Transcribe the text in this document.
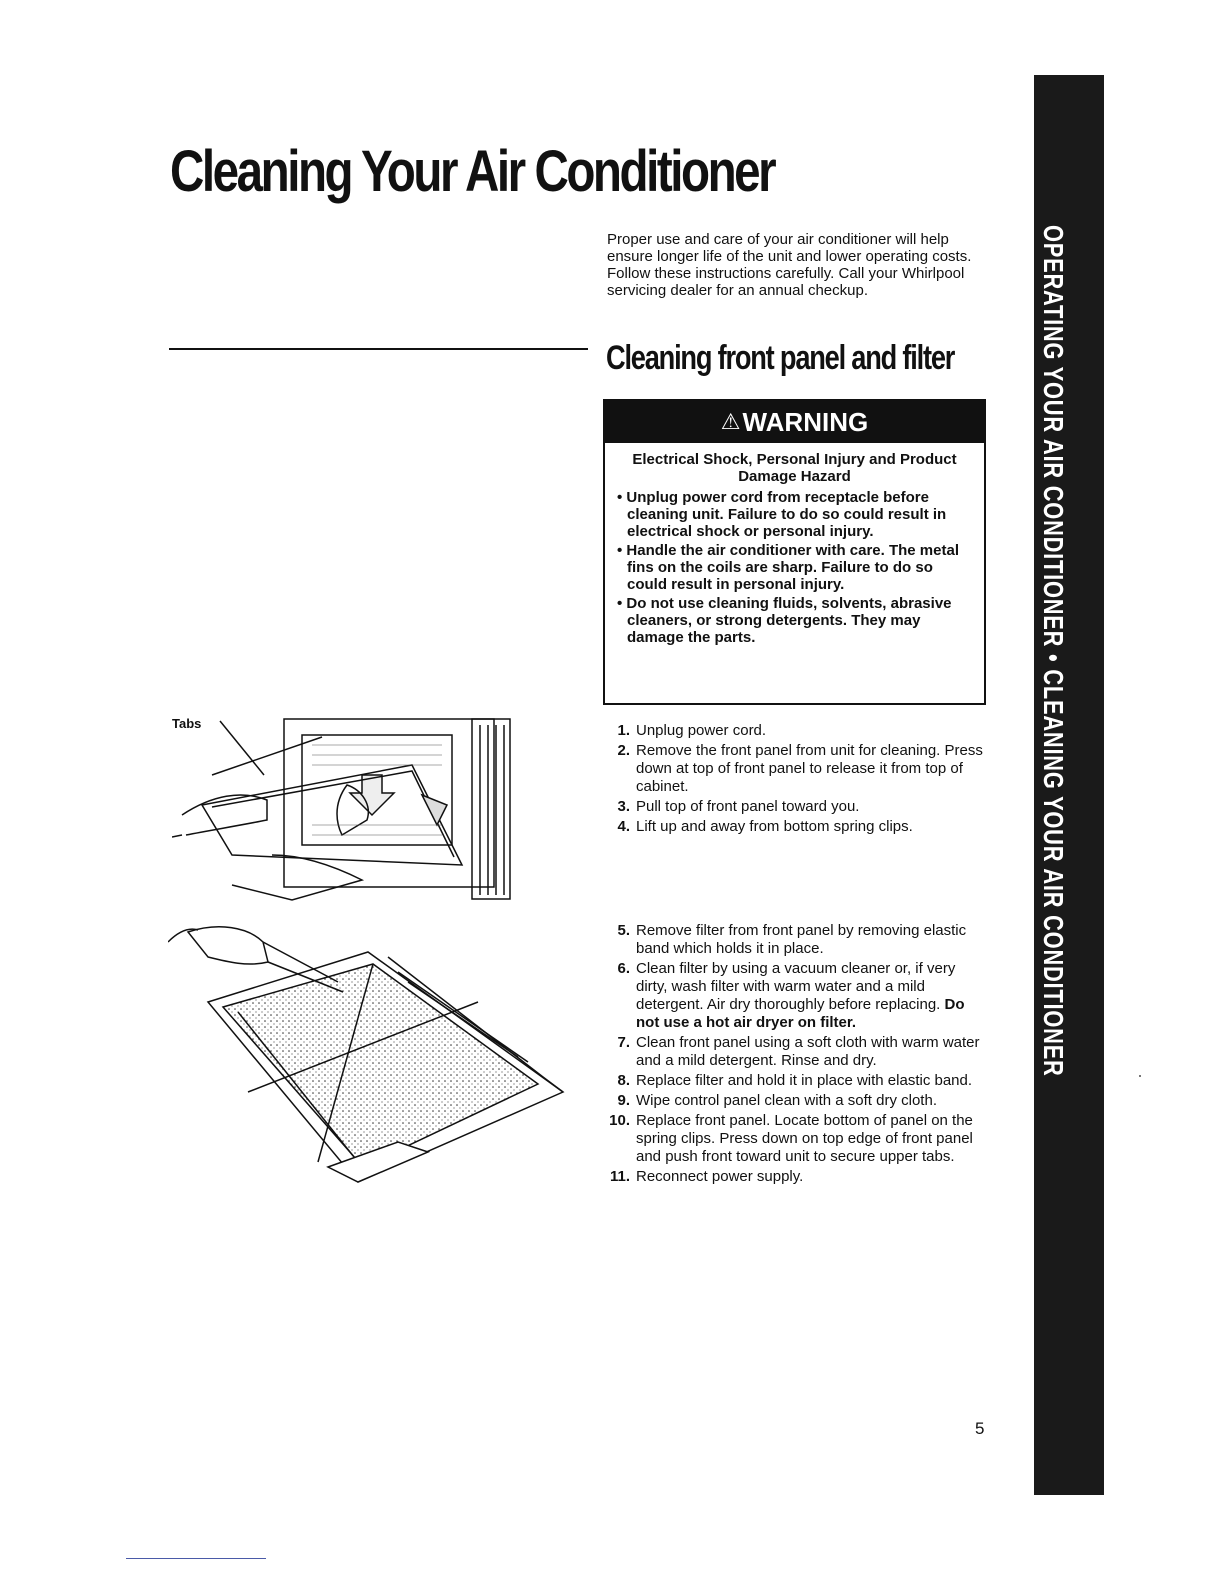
Cleaning Your Air Conditioner

Proper use and care of your air conditioner will help ensure longer life of the unit and lower operating costs. Follow these instructions carefully. Call your Whirlpool servicing dealer for an annual checkup.

Cleaning front panel and filter
⚠ WARNING
Electrical Shock, Personal Injury and Product Damage Hazard
• Unplug power cord from receptacle before cleaning unit. Failure to do so could result in electrical shock or personal injury.
• Handle the air conditioner with care. The metal fins on the coils are sharp. Failure to do so could result in personal injury.
• Do not use cleaning fluids, solvents, abrasive cleaners, or strong detergents. They may damage the parts.
Tabs	1. Unplug power cord.
2. Remove the front panel from unit for cleaning. Press down at top of front panel to release it from top of cabinet.
3. Pull top of front panel toward you.
4. Lift up and away from bottom spring clips.
5. Remove filter from front panel by removing elastic band which holds it in place.
6. Clean filter by using a vacuum cleaner or, if very dirty, wash filter with warm water and a mild detergent. Air dry thoroughly before replacing. Do not use a hot air dryer on filter.
7. Clean front panel using a soft cloth with warm water and a mild detergent. Rinse and dry.
8. Replace filter and hold it in place with elastic band.
9. Wipe control panel clean with a soft dry cloth.
10. Replace front panel. Locate bottom of panel on the spring clips. Press down on top edge of front panel and push front toward unit to secure upper tabs.
11. Reconnect power supply.
OPERATING YOUR AIR CONDITIONER • CLEANING YOUR AIR CONDITIONER
5
